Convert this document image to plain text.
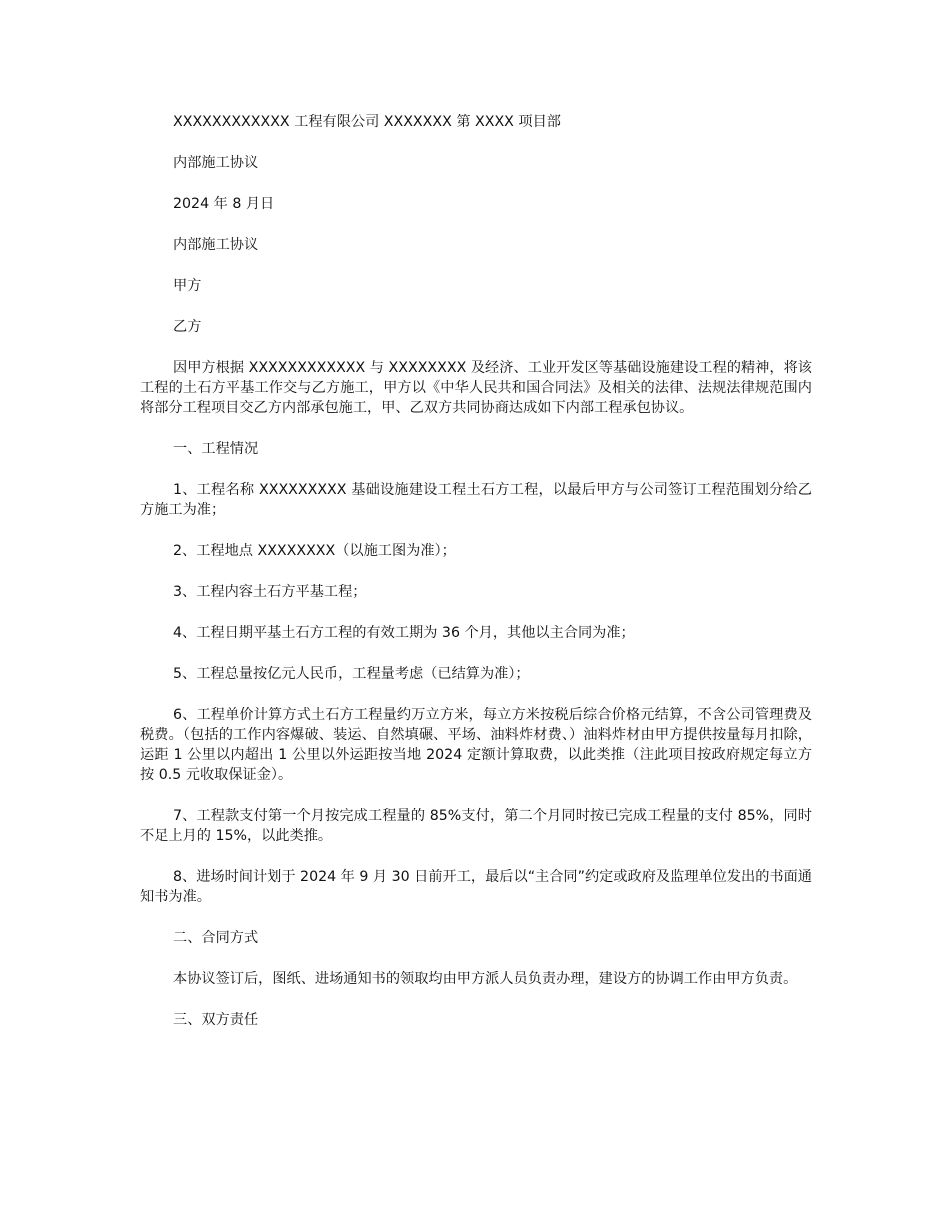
XXXXXXXXXXXX 工程有限公司 XXXXXXX 第 XXXX 项目部
内部施工协议
2024 年 8 月日
内部施工协议
甲方
乙方
因甲方根据 XXXXXXXXXXXX 与 XXXXXXXX 及经济、工业开发区等基础设施建设工程的精神，将该工程的土石方平基工作交与乙方施工，甲方以《中华人民共和国合同法》及相关的法律、法规法律规范围内将部分工程项目交乙方内部承包施工，甲、乙双方共同协商达成如下内部工程承包协议。
一、工程情况
1、工程名称 XXXXXXXXX 基础设施建设工程土石方工程，以最后甲方与公司签订工程范围划分给乙方施工为准；
2、工程地点 XXXXXXXX（以施工图为准）；
3、工程内容土石方平基工程；
4、工程日期平基土石方工程的有效工期为 36 个月，其他以主合同为准；
5、工程总量按亿元人民币，工程量考虑（已结算为准）；
6、工程单价计算方式土石方工程量约万立方米，每立方米按税后综合价格元结算，不含公司管理费及税费。（包括的工作内容爆破、装运、自然填碾、平场、油料炸材费、）油料炸材由甲方提供按量每月扣除，运距 1 公里以内超出 1 公里以外运距按当地 2024 定额计算取费，以此类推（注此项目按政府规定每立方按 0.5 元收取保证金）。
7、工程款支付第一个月按完成工程量的 85%支付，第二个月同时按已完成工程量的支付 85%，同时不足上月的 15%，以此类推。
8、进场时间计划于 2024 年 9 月 30 日前开工，最后以“主合同”约定或政府及监理单位发出的书面通知书为准。
二、合同方式
本协议签订后，图纸、进场通知书的领取均由甲方派人员负责办理，建设方的协调工作由甲方负责。
三、双方责任
